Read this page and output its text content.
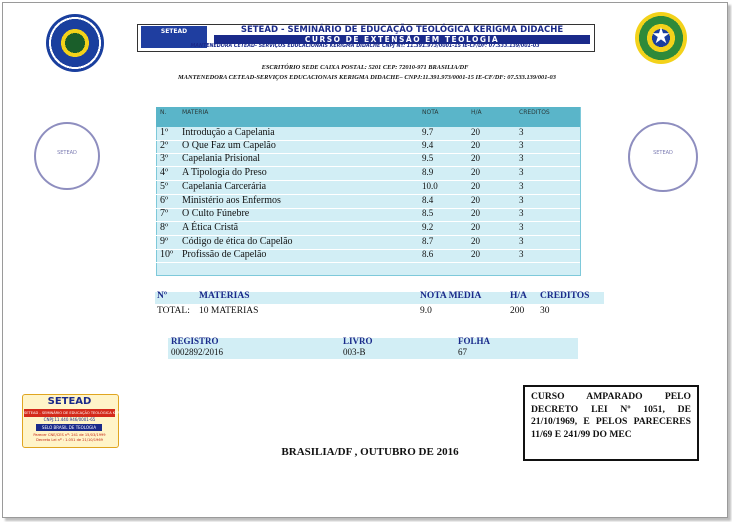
★
SETEAD	SETEAD - SEMINÁRIO DE EDUCAÇÃO TEOLÓGICA KERIGMA DIDACHE
CURSO DE EXTENSÃO EM TEOLOGIA
MANTENEDORA CETEAD- SERVIÇOS EDUCACIONAIS KERIGMA DIDACHE CNPJ Nº: 11.391.973/0001-15 IE-CF/DF: 07.533.139/001-03
ESCRITÓRIO SEDE CAIXA POSTAL: 5201 CEP: 72010-971 BRASILIA/DF
MANTENEDORA CETEAD-SERVIÇOS EDUCACIONAIS KERIGMA DIDACHE– CNPJ:11.391.973/0001-15 IE-CF/DF: 07.533.139/001-03
SETEAD
SETEAD
N.	MATERIA	NOTA	H/A	CREDITOS
1º Introdução a Capelania	9.7	20	3
2º O Que Faz um Capelão	9.4	20	3
3º Capelania Prisional	9.5	20	3
4º A Tipologia do Preso	8.9	20	3
5º Capelania Carcerária	10.0	20	3
6º Ministério aos Enfermos	8.4	20	3
7º O Culto Fúnebre	8.5	20	3
8º A Ética Cristã	9.2	20	3
9º Código de ética do Capelão	8.7	20	3
10º Profissão de Capelão	8.6	20	3
Nº	MATERIAS	NOTA MEDIA	H/A CREDITOS
TOTAL: 10 MATERIAS	9.0	200 30
REGISTRO	LIVRO	FOLHA
0002892/2016	003-B	67
SETEAD
SETEAD - SEMINÁRIO DE EDUCAÇÃO TEOLÓGICA KERIGMA DIDACHE
CNPJ:11.440.946/0001-65
SELO BRASIL DE TEOLOGIA
Parecer CNE/CES nº: 241 de 15/03/1999
Decreto Lei nº : 1.051 de 21/10/1969
BRASILIA/DF , OUTUBRO DE 2016
CURSO AMPARADO PELO DECRETO LEI Nº 1051, DE 21/10/1969, E PELOS PARECERES 11/69 E 241/99 DO MEC
